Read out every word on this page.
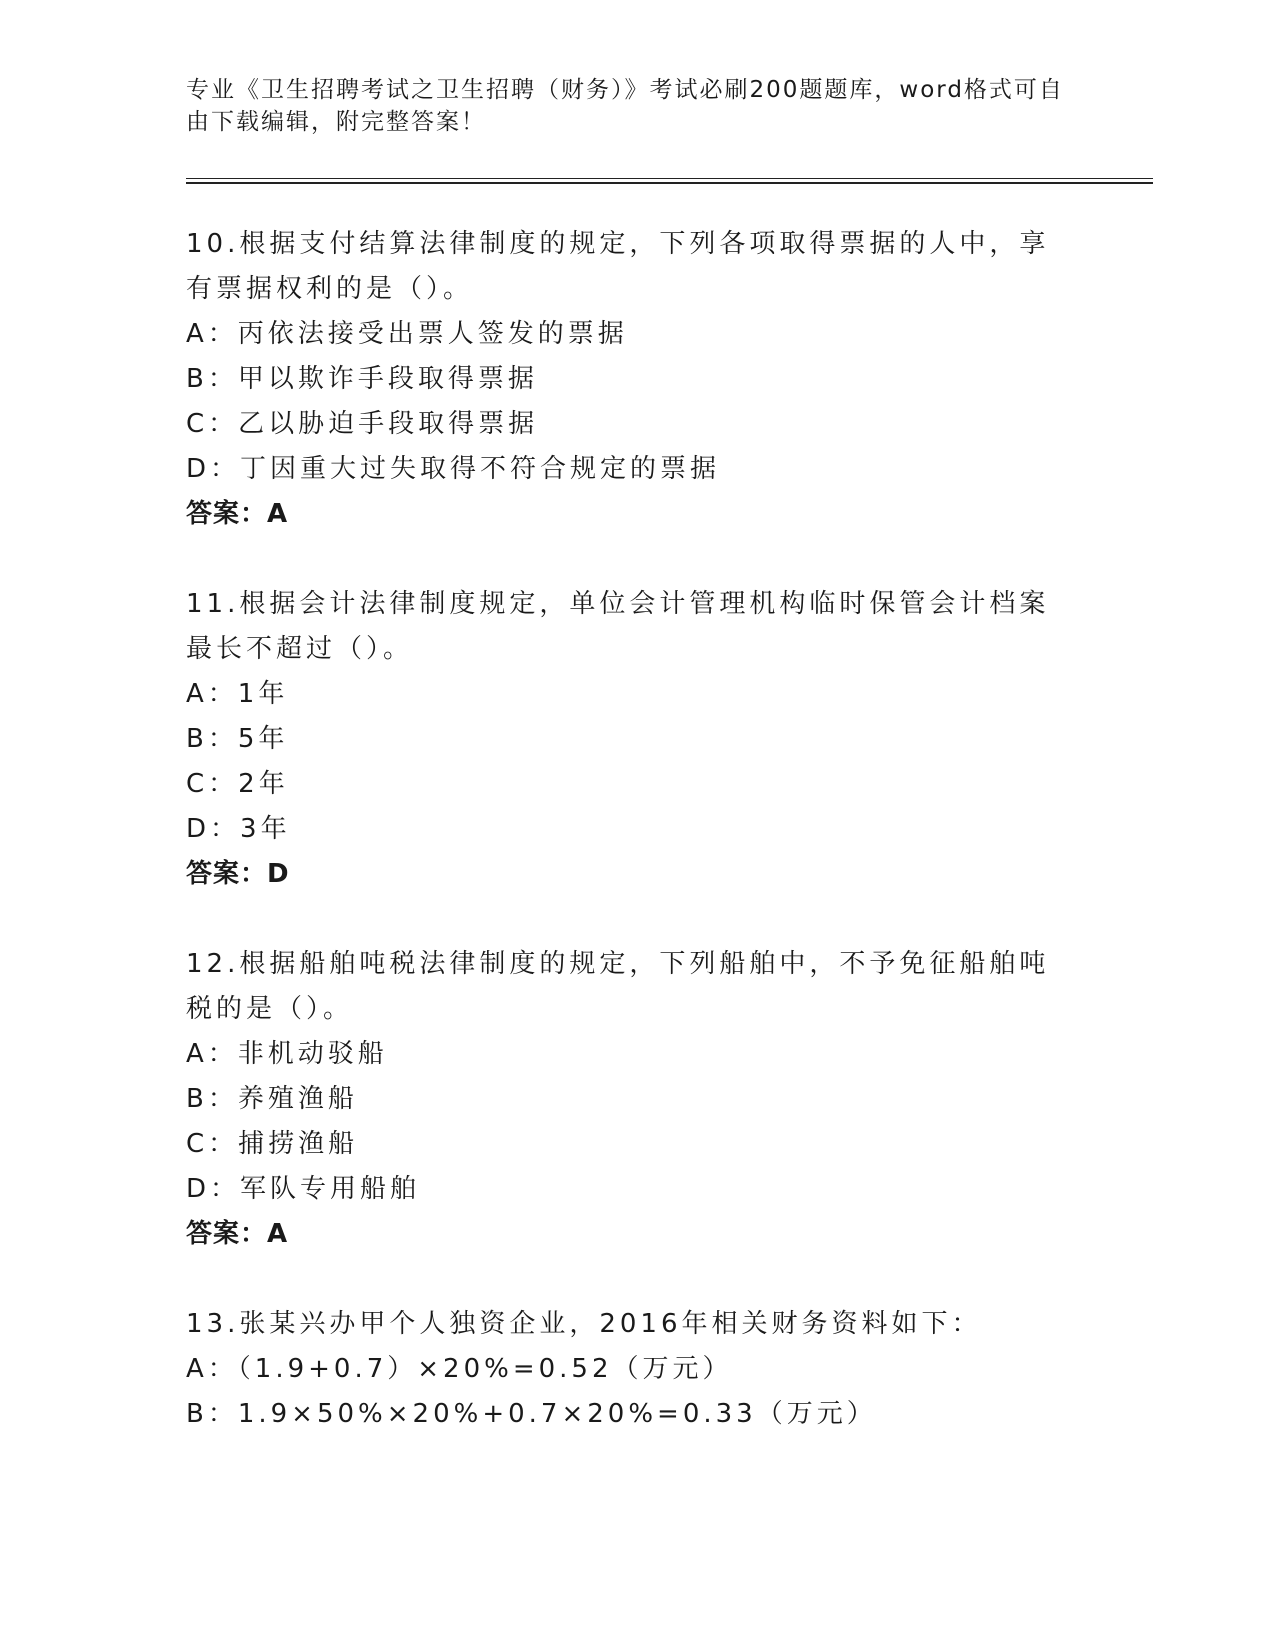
专业《卫生招聘考试之卫生招聘（财务）》考试必刷200题题库，word格式可自由下载编辑，附完整答案！

10.根据支付结算法律制度的规定，下列各项取得票据的人中，享有票据权利的是（）。

A：丙依法接受出票人签发的票据

B：甲以欺诈手段取得票据

C：乙以胁迫手段取得票据

D：丁因重大过失取得不符合规定的票据

答案：A

11.根据会计法律制度规定，单位会计管理机构临时保管会计档案最长不超过（）。

A：1年

B：5年

C：2年

D：3年

答案：D

12.根据船舶吨税法律制度的规定，下列船舶中，不予免征船舶吨税的是（）。

A：非机动驳船

B：养殖渔船

C：捕捞渔船

D：军队专用船舶

答案：A

13.张某兴办甲个人独资企业，2016年相关财务资料如下：

A：（1.9+0.7）×20%=0.52（万元）

B：1.9×50%×20%+0.7×20%=0.33（万元）
